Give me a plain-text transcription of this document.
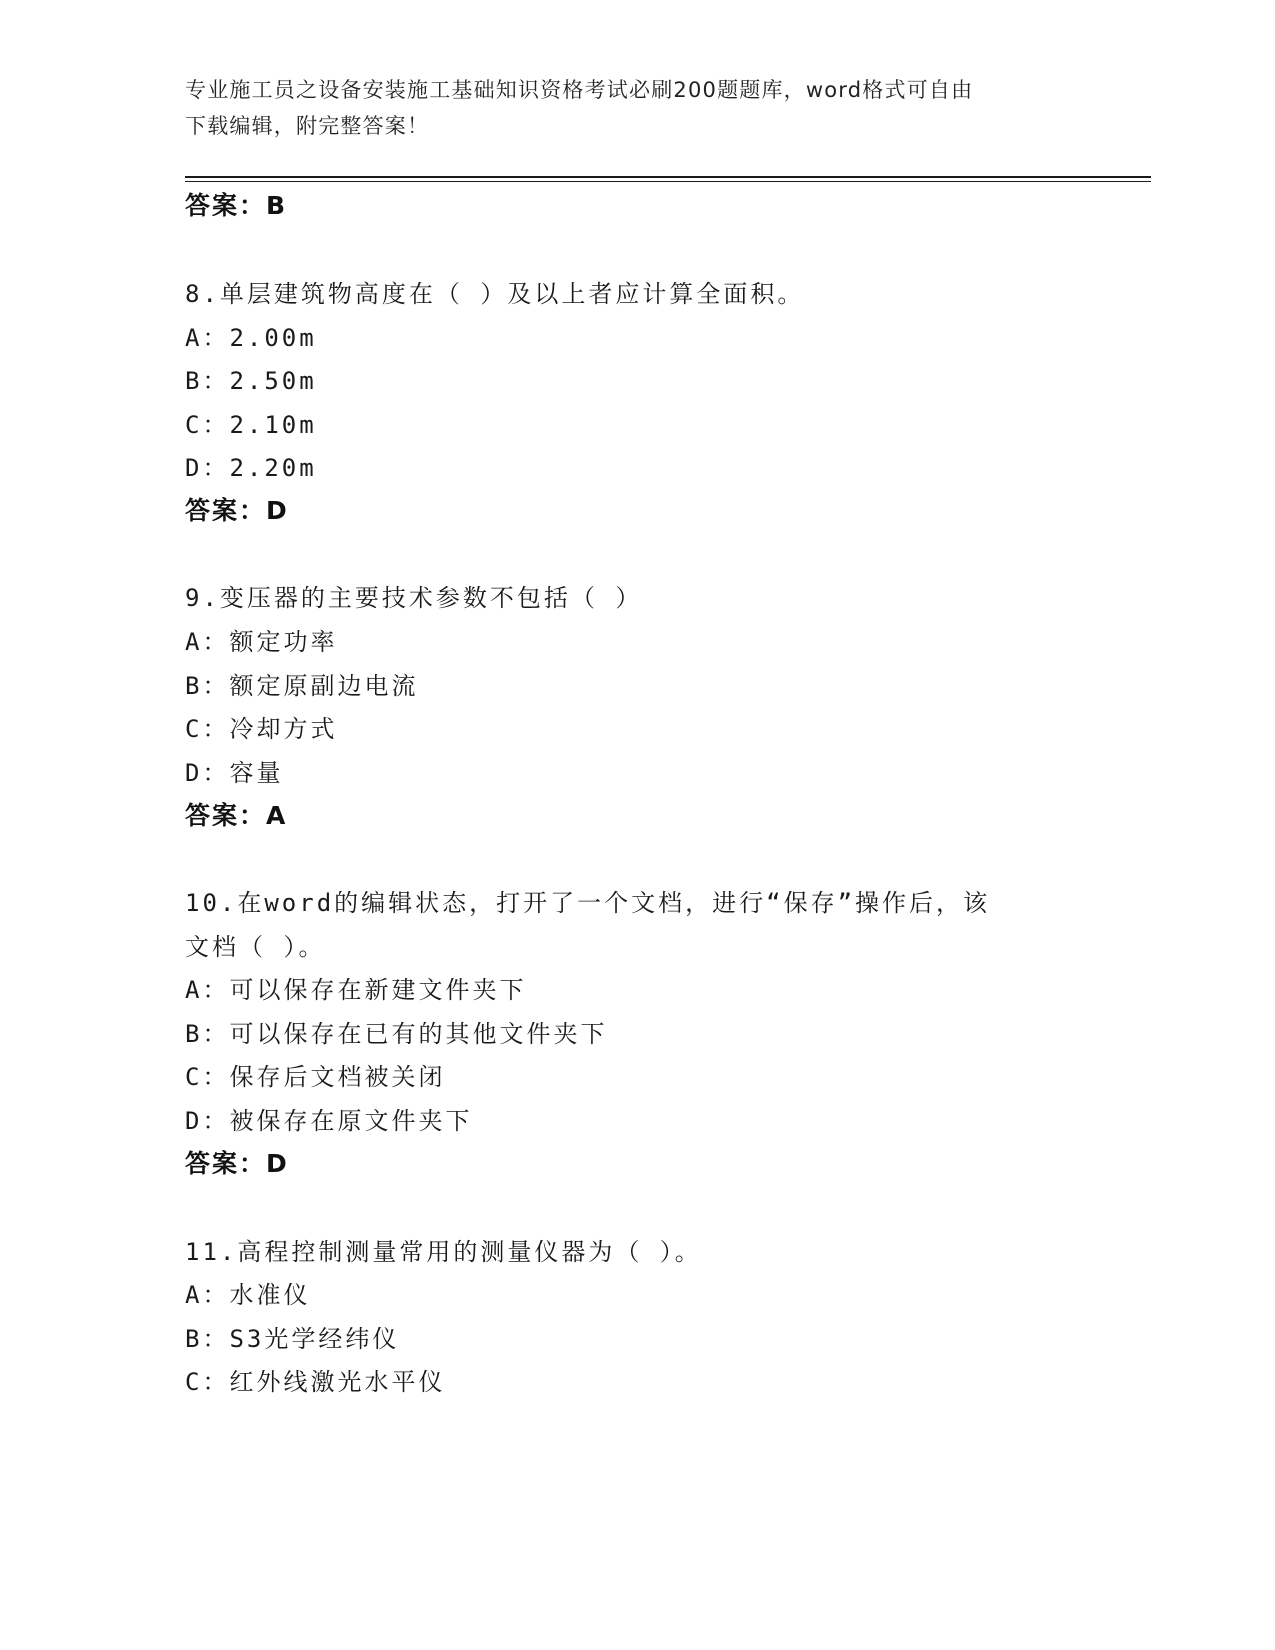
专业施工员之设备安装施工基础知识资格考试必刷200题题库，word格式可自由
下载编辑，附完整答案！
答案：B
8.单层建筑物高度在（ ）及以上者应计算全面积。
A：2.00m
B：2.50m
C：2.10m
D：2.20m
答案：D
9.变压器的主要技术参数不包括（ ）
A：额定功率
B：额定原副边电流
C：冷却方式
D：容量
答案：A
10.在word的编辑状态，打开了一个文档，进行“保存”操作后，该
文档（ ）。
A：可以保存在新建文件夹下
B：可以保存在已有的其他文件夹下
C：保存后文档被关闭
D：被保存在原文件夹下
答案：D
11.高程控制测量常用的测量仪器为（ ）。
A：水准仪
B：S3光学经纬仪
C：红外线激光水平仪
